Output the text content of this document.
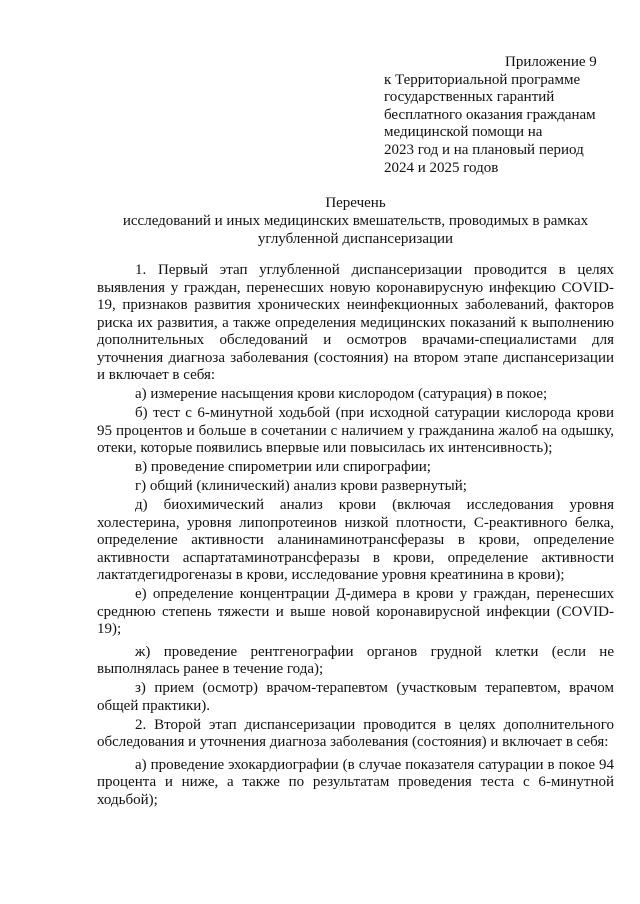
Приложение 9
к Территориальной программе
государственных гарантий
бесплатного оказания гражданам
медицинской помощи на
2023 год и на плановый период
2024 и 2025 годов
Перечень
исследований и иных медицинских вмешательств, проводимых в рамках
углубленной диспансеризации

1. Первый этап углубленной диспансеризации проводится в целях выявления у граждан, перенесших новую коронавирусную инфекцию COVID-19, признаков развития хронических неинфекционных заболеваний, факторов риска их развития, а также определения медицинских показаний к выполнению дополнительных обследований и осмотров врачами-специалистами для уточнения диагноза заболевания (состояния) на втором этапе диспансеризации и включает в себя:

а) измерение насыщения крови кислородом (сатурация) в покое;

б) тест с 6-минутной ходьбой (при исходной сатурации кислорода крови 95 процентов и больше в сочетании с наличием у гражданина жалоб на одышку, отеки, которые появились впервые или повысилась их интенсивность);

в) проведение спирометрии или спирографии;

г) общий (клинический) анализ крови развернутый;

д) биохимический анализ крови (включая исследования уровня холестерина, уровня липопротеинов низкой плотности, С-реактивного белка, определение активности аланинаминотрансферазы в крови, определение активности аспартатаминотрансферазы в крови, определение активности лактатдегидрогеназы в крови, исследование уровня креатинина в крови);

е) определение концентрации Д-димера в крови у граждан, перенесших среднюю степень тяжести и выше новой коронавирусной инфекции (COVID-19);

ж) проведение рентгенографии органов грудной клетки (если не выполнялась ранее в течение года);

з) прием (осмотр) врачом-терапевтом (участковым терапевтом, врачом общей практики).

2. Второй этап диспансеризации проводится в целях дополнительного обследования и уточнения диагноза заболевания (состояния) и включает в себя:

а) проведение эхокардиографии (в случае показателя сатурации в покое 94 процента и ниже, а также по результатам проведения теста с 6-минутной ходьбой);
